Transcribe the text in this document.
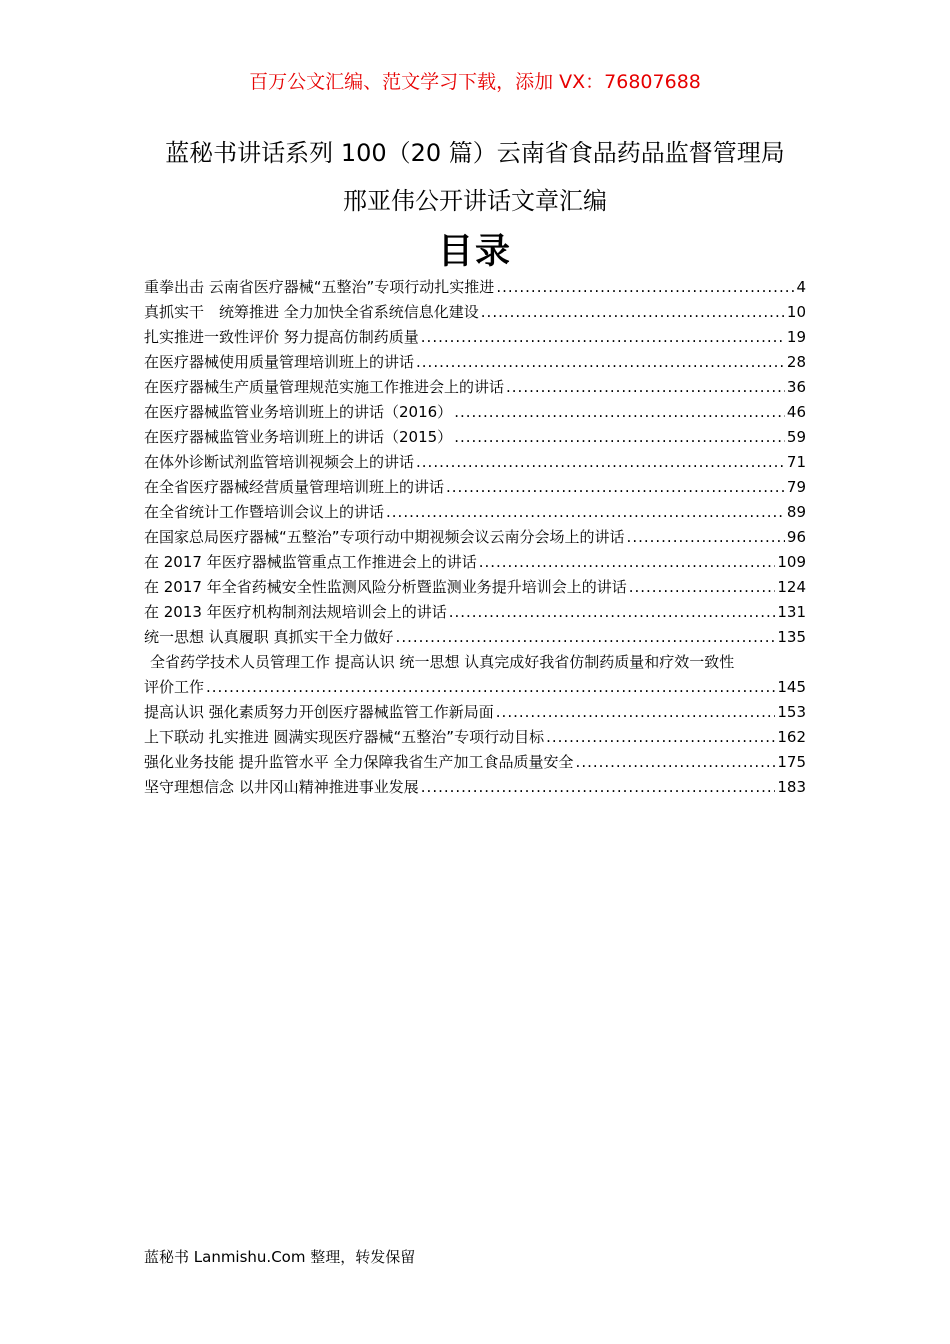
百万公文汇编、范文学习下载，添加 VX：76807688
蓝秘书讲话系列 100（20 篇）云南省食品药品监督管理局
邢亚伟公开讲话文章汇编
目录
重拳出击 云南省医疗器械“五整治”专项行动扎实推进 .....	4
真抓实干　统筹推进 全力加快全省系统信息化建设 .....	10
扎实推进一致性评价 努力提高仿制药质量 .....	19
在医疗器械使用质量管理培训班上的讲话 .....	28
在医疗器械生产质量管理规范实施工作推进会上的讲话 .....	36
在医疗器械监管业务培训班上的讲话（2016） .....	46
在医疗器械监管业务培训班上的讲话（2015） .....	59
在体外诊断试剂监管培训视频会上的讲话 .....	71
在全省医疗器械经营质量管理培训班上的讲话 .....	79
在全省统计工作暨培训会议上的讲话 .....	89
在国家总局医疗器械“五整治”专项行动中期视频会议云南分会场上的讲话 .....	96
在 2017 年医疗器械监管重点工作推进会上的讲话 .....	109
在 2017 年全省药械安全性监测风险分析暨监测业务提升培训会上的讲话 .....	124
在 2013 年医疗机构制剂法规培训会上的讲话 .....	131
统一思想 认真履职 真抓实干全力做好 .....	135
全省药学技术人员管理工作 提高认识 统一思想 认真完成好我省仿制药质量和疗效一致性
评价工作 .....	145
提高认识 强化素质努力开创医疗器械监管工作新局面 .....	153
上下联动 扎实推进 圆满实现医疗器械“五整治”专项行动目标 .....	162
强化业务技能 提升监管水平 全力保障我省生产加工食品质量安全 .....	175
坚守理想信念 以井冈山精神推进事业发展 .....	183
蓝秘书 Lanmishu.Com 整理，转发保留
